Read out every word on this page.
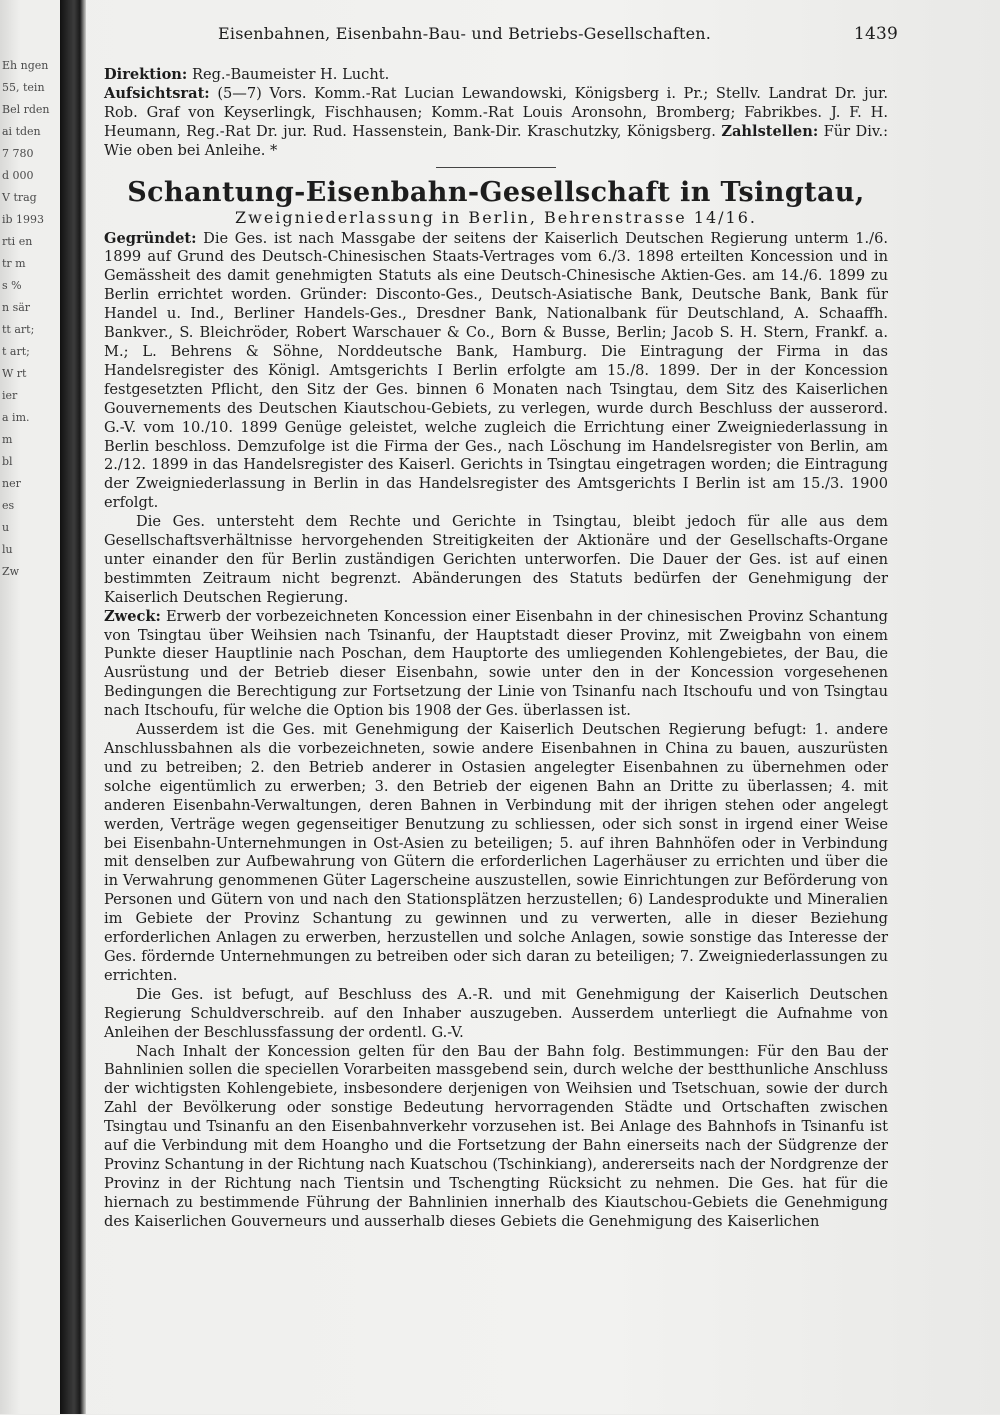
Eh ngen
55, tein
Bel rden
ai tden
7 780
d 000
V trag
ib 1993
rti en
tr m
s %
n sär
tt art;
t art;
W rt
ier
a im.
m
bl
ner
es
u
lu
Zw
Eisenbahnen, Eisenbahn-Bau- und Betriebs-Gesellschaften.	1439

Direktion: Reg.-Baumeister H. Lucht.

Aufsichtsrat: (5—7) Vors. Komm.-Rat Lucian Lewandowski, Königsberg i. Pr.; Stellv. Landrat Dr. jur. Rob. Graf von Keyserlingk, Fischhausen; Komm.-Rat Louis Aronsohn, Bromberg; Fabrikbes. J. F. H. Heumann, Reg.-Rat Dr. jur. Rud. Hassenstein, Bank-Dir. Kraschutzky, Königsberg. Zahlstellen: Für Div.: Wie oben bei Anleihe. *

Schantung-Eisenbahn-Gesellschaft in Tsingtau,
Zweigniederlassung in Berlin, Behrenstrasse 14/16.

Gegründet: Die Ges. ist nach Massgabe der seitens der Kaiserlich Deutschen Regierung unterm 1./6. 1899 auf Grund des Deutsch-Chinesischen Staats-Vertrages vom 6./3. 1898 erteilten Koncession und in Gemässheit des damit genehmigten Statuts als eine Deutsch-Chinesische Aktien-Ges. am 14./6. 1899 zu Berlin errichtet worden. Gründer: Disconto-Ges., Deutsch-Asiatische Bank, Deutsche Bank, Bank für Handel u. Ind., Berliner Handels-Ges., Dresdner Bank, Nationalbank für Deutschland, A. Schaaffh. Bankver., S. Bleichröder, Robert Warschauer & Co., Born & Busse, Berlin; Jacob S. H. Stern, Frankf. a. M.; L. Behrens & Söhne, Norddeutsche Bank, Hamburg. Die Eintragung der Firma in das Handelsregister des Königl. Amtsgerichts I Berlin erfolgte am 15./8. 1899. Der in der Koncession festgesetzten Pflicht, den Sitz der Ges. binnen 6 Monaten nach Tsingtau, dem Sitz des Kaiserlichen Gouvernements des Deutschen Kiautschou-Gebiets, zu verlegen, wurde durch Beschluss der ausserord. G.-V. vom 10./10. 1899 Genüge geleistet, welche zugleich die Errichtung einer Zweigniederlassung in Berlin beschloss. Demzufolge ist die Firma der Ges., nach Löschung im Handelsregister von Berlin, am 2./12. 1899 in das Handelsregister des Kaiserl. Gerichts in Tsingtau eingetragen worden; die Eintragung der Zweigniederlassung in Berlin in das Handelsregister des Amtsgerichts I Berlin ist am 15./3. 1900 erfolgt.

Die Ges. untersteht dem Rechte und Gerichte in Tsingtau, bleibt jedoch für alle aus dem Gesellschaftsverhältnisse hervorgehenden Streitigkeiten der Aktionäre und der Gesellschafts-Organe unter einander den für Berlin zuständigen Gerichten unterworfen. Die Dauer der Ges. ist auf einen bestimmten Zeitraum nicht begrenzt. Abänderungen des Statuts bedürfen der Genehmigung der Kaiserlich Deutschen Regierung.

Zweck: Erwerb der vorbezeichneten Koncession einer Eisenbahn in der chinesischen Provinz Schantung von Tsingtau über Weihsien nach Tsinanfu, der Hauptstadt dieser Provinz, mit Zweigbahn von einem Punkte dieser Hauptlinie nach Poschan, dem Hauptorte des umliegenden Kohlengebietes, der Bau, die Ausrüstung und der Betrieb dieser Eisenbahn, sowie unter den in der Koncession vorgesehenen Bedingungen die Berechtigung zur Fortsetzung der Linie von Tsinanfu nach Itschoufu und von Tsingtau nach Itschoufu, für welche die Option bis 1908 der Ges. überlassen ist.

Ausserdem ist die Ges. mit Genehmigung der Kaiserlich Deutschen Regierung befugt: 1. andere Anschlussbahnen als die vorbezeichneten, sowie andere Eisenbahnen in China zu bauen, auszurüsten und zu betreiben; 2. den Betrieb anderer in Ostasien angelegter Eisenbahnen zu übernehmen oder solche eigentümlich zu erwerben; 3. den Betrieb der eigenen Bahn an Dritte zu überlassen; 4. mit anderen Eisenbahn-Verwaltungen, deren Bahnen in Verbindung mit der ihrigen stehen oder angelegt werden, Verträge wegen gegenseitiger Benutzung zu schliessen, oder sich sonst in irgend einer Weise bei Eisenbahn-Unternehmungen in Ost-Asien zu beteiligen; 5. auf ihren Bahnhöfen oder in Verbindung mit denselben zur Aufbewahrung von Gütern die erforderlichen Lagerhäuser zu errichten und über die in Verwahrung genommenen Güter Lagerscheine auszustellen, sowie Einrichtungen zur Beförderung von Personen und Gütern von und nach den Stationsplätzen herzustellen; 6) Landesprodukte und Mineralien im Gebiete der Provinz Schantung zu gewinnen und zu verwerten, alle in dieser Beziehung erforderlichen Anlagen zu erwerben, herzustellen und solche Anlagen, sowie sonstige das Interesse der Ges. fördernde Unternehmungen zu betreiben oder sich daran zu beteiligen; 7. Zweigniederlassungen zu errichten.

Die Ges. ist befugt, auf Beschluss des A.-R. und mit Genehmigung der Kaiserlich Deutschen Regierung Schuldverschreib. auf den Inhaber auszugeben. Ausserdem unterliegt die Aufnahme von Anleihen der Beschlussfassung der ordentl. G.-V.

Nach Inhalt der Koncession gelten für den Bau der Bahn folg. Bestimmungen: Für den Bau der Bahnlinien sollen die speciellen Vorarbeiten massgebend sein, durch welche der bestthunliche Anschluss der wichtigsten Kohlengebiete, insbesondere derjenigen von Weihsien und Tsetschuan, sowie der durch Zahl der Bevölkerung oder sonstige Bedeutung hervorragenden Städte und Ortschaften zwischen Tsingtau und Tsinanfu an den Eisenbahnverkehr vorzusehen ist. Bei Anlage des Bahnhofs in Tsinanfu ist auf die Verbindung mit dem Hoangho und die Fortsetzung der Bahn einerseits nach der Südgrenze der Provinz Schantung in der Richtung nach Kuatschou (Tschinkiang), andererseits nach der Nordgrenze der Provinz in der Richtung nach Tientsin und Tschengting Rücksicht zu nehmen. Die Ges. hat für die hiernach zu bestimmende Führung der Bahnlinien innerhalb des Kiautschou-Gebiets die Genehmigung des Kaiserlichen Gouverneurs und ausserhalb dieses Gebiets die Genehmigung des Kaiserlichen
